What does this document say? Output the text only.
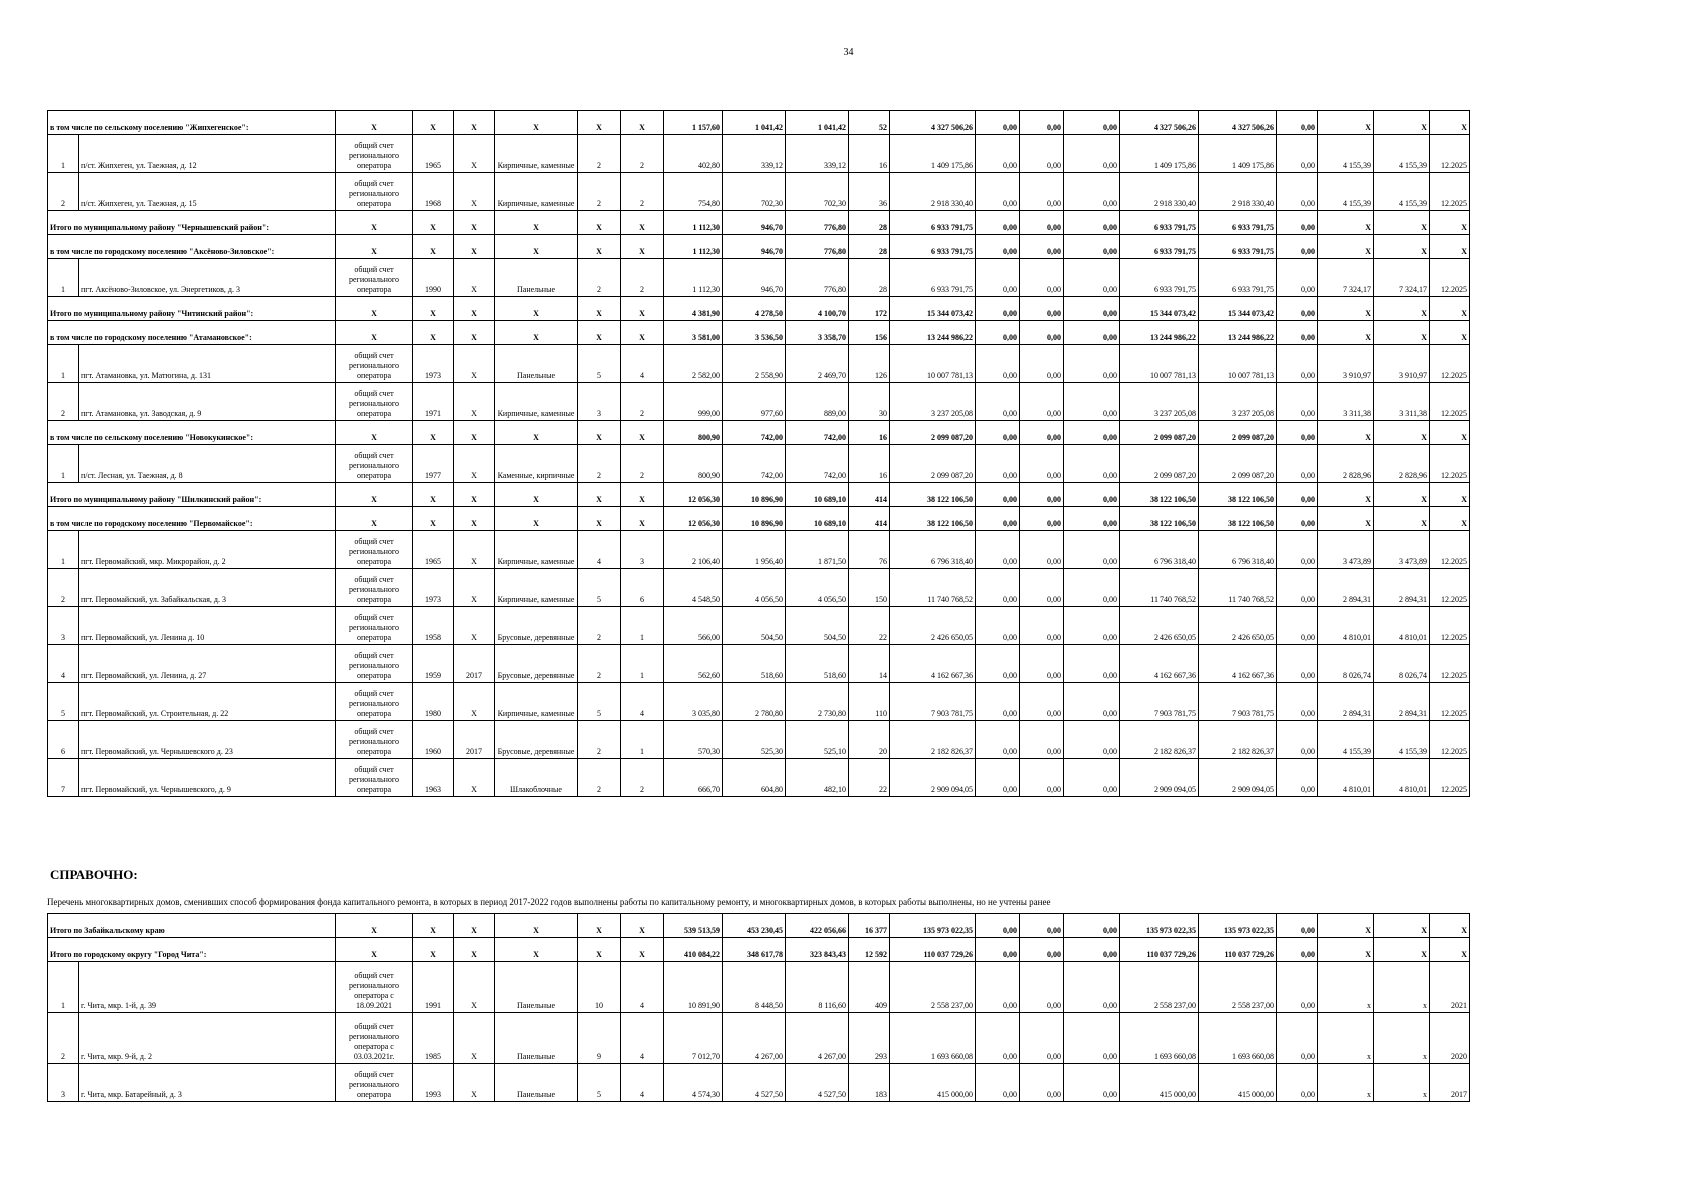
34
в том числе по сельскому поселению "Жипхегенское":		X	X	X	X	X	X	1 157,60	1 041,42	1 041,42	52	4 327 506,26	0,00	0,00	0,00	4 327 506,26	4 327 506,26	0,00	X	X	X
1	п/ст. Жипхеген, ул. Таежная, д. 12	общий счет регионального оператора	1965	X	Кирпичные, каменные	2	2	402,80	339,12	339,12	16	1 409 175,86	0,00	0,00	0,00	1 409 175,86	1 409 175,86	0,00	4 155,39	4 155,39	12.2025
2	п/ст. Жипхеген, ул. Таежная, д. 15	общий счет регионального оператора	1968	X	Кирпичные, каменные	2	2	754,80	702,30	702,30	36	2 918 330,40	0,00	0,00	0,00	2 918 330,40	2 918 330,40	0,00	4 155,39	4 155,39	12.2025
Итого по муниципальному району "Чернышевский район":		X	X	X	X	X	X	1 112,30	946,70	776,80	28	6 933 791,75	0,00	0,00	0,00	6 933 791,75	6 933 791,75	0,00	X	X	X
в том числе по городскому поселению "Аксёново-Зиловское":		X	X	X	X	X	X	1 112,30	946,70	776,80	28	6 933 791,75	0,00	0,00	0,00	6 933 791,75	6 933 791,75	0,00	X	X	X
1	пгт. Аксёново-Зиловское, ул. Энергетиков, д. 3	общий счет регионального оператора	1990	X	Панельные	2	2	1 112,30	946,70	776,80	28	6 933 791,75	0,00	0,00	0,00	6 933 791,75	6 933 791,75	0,00	7 324,17	7 324,17	12.2025
Итого по муниципальному району "Читинский район":		X	X	X	X	X	X	4 381,90	4 278,50	4 100,70	172	15 344 073,42	0,00	0,00	0,00	15 344 073,42	15 344 073,42	0,00	X	X	X
в том числе по городскому поселению "Атамановское":		X	X	X	X	X	X	3 581,00	3 536,50	3 358,70	156	13 244 986,22	0,00	0,00	0,00	13 244 986,22	13 244 986,22	0,00	X	X	X
1	пгт. Атамановка, ул. Матюгина, д. 131	общий счет регионального оператора	1973	X	Панельные	5	4	2 582,00	2 558,90	2 469,70	126	10 007 781,13	0,00	0,00	0,00	10 007 781,13	10 007 781,13	0,00	3 910,97	3 910,97	12.2025
2	пгт. Атамановка, ул. Заводская, д. 9	общий счет регионального оператора	1971	X	Кирпичные, каменные	3	2	999,00	977,60	889,00	30	3 237 205,08	0,00	0,00	0,00	3 237 205,08	3 237 205,08	0,00	3 311,38	3 311,38	12.2025
в том числе по сельскому поселению "Новокукинское":		X	X	X	X	X	X	800,90	742,00	742,00	16	2 099 087,20	0,00	0,00	0,00	2 099 087,20	2 099 087,20	0,00	X	X	X
1	п/ст. Лесная, ул. Таежная, д. 8	общий счет регионального оператора	1977	X	Каменные, кирпичные	2	2	800,90	742,00	742,00	16	2 099 087,20	0,00	0,00	0,00	2 099 087,20	2 099 087,20	0,00	2 828,96	2 828,96	12.2025
Итого по муниципальному району "Шилкинский район":		X	X	X	X	X	X	12 056,30	10 896,90	10 689,10	414	38 122 106,50	0,00	0,00	0,00	38 122 106,50	38 122 106,50	0,00	X	X	X
в том числе по городскому поселению "Первомайское":		X	X	X	X	X	X	12 056,30	10 896,90	10 689,10	414	38 122 106,50	0,00	0,00	0,00	38 122 106,50	38 122 106,50	0,00	X	X	X
1	пгт. Первомайский, мкр. Микрорайон, д. 2	общий счет регионального оператора	1965	X	Кирпичные, каменные	4	3	2 106,40	1 956,40	1 871,50	76	6 796 318,40	0,00	0,00	0,00	6 796 318,40	6 796 318,40	0,00	3 473,89	3 473,89	12.2025
2	пгт. Первомайский, ул. Забайкальская, д. 3	общий счет регионального оператора	1973	X	Кирпичные, каменные	5	6	4 548,50	4 056,50	4 056,50	150	11 740 768,52	0,00	0,00	0,00	11 740 768,52	11 740 768,52	0,00	2 894,31	2 894,31	12.2025
3	пгт. Первомайский, ул. Ленина д. 10	общий счет регионального оператора	1958	X	Брусовые, деревянные	2	1	566,00	504,50	504,50	22	2 426 650,05	0,00	0,00	0,00	2 426 650,05	2 426 650,05	0,00	4 810,01	4 810,01	12.2025
4	пгт. Первомайский, ул. Ленина, д. 27	общий счет регионального оператора	1959	2017	Брусовые, деревянные	2	1	562,60	518,60	518,60	14	4 162 667,36	0,00	0,00	0,00	4 162 667,36	4 162 667,36	0,00	8 026,74	8 026,74	12.2025
5	пгт. Первомайский, ул. Строительная, д. 22	общий счет регионального оператора	1980	X	Кирпичные, каменные	5	4	3 035,80	2 780,80	2 730,80	110	7 903 781,75	0,00	0,00	0,00	7 903 781,75	7 903 781,75	0,00	2 894,31	2 894,31	12.2025
6	пгт. Первомайский, ул. Чернышевского д. 23	общий счет регионального оператора	1960	2017	Брусовые, деревянные	2	1	570,30	525,30	525,10	20	2 182 826,37	0,00	0,00	0,00	2 182 826,37	2 182 826,37	0,00	4 155,39	4 155,39	12.2025
7	пгт. Первомайский, ул. Чернышевского, д. 9	общий счет регионального оператора	1963	X	Шлакоблочные	2	2	666,70	604,80	482,10	22	2 909 094,05	0,00	0,00	0,00	2 909 094,05	2 909 094,05	0,00	4 810,01	4 810,01	12.2025
СПРАВОЧНО:
Перечень многоквартирных домов, сменивших способ формирования фонда капитального ремонта, в которых в период 2017-2022 годов выполнены работы по капитальному ремонту, и многоквартирных домов, в которых работы выполнены, но не учтены ранее
Итого по Забайкальскому краю		X	X	X	X	X	X	539 513,59	453 230,45	422 056,66	16 377	135 973 022,35	0,00	0,00	0,00	135 973 022,35	135 973 022,35	0,00	X	X	X
Итого по городскому округу "Город Чита":		X	X	X	X	X	X	410 084,22	348 617,78	323 843,43	12 592	110 037 729,26	0,00	0,00	0,00	110 037 729,26	110 037 729,26	0,00	X	X	X
1	г. Чита, мкр. 1-й, д. 39	общий счет регионального оператора с 18.09.2021	1991	X	Панельные	10	4	10 891,90	8 448,50	8 116,60	409	2 558 237,00	0,00	0,00	0,00	2 558 237,00	2 558 237,00	0,00	x	x	2021
2	г. Чита, мкр. 9-й, д. 2	общий счет регионального оператора с 03.03.2021г.	1985	X	Панельные	9	4	7 012,70	4 267,00	4 267,00	293	1 693 660,08	0,00	0,00	0,00	1 693 660,08	1 693 660,08	0,00	x	x	2020
3	г. Чита, мкр. Батарейный, д. 3	общий счет регионального оператора	1993	X	Панельные	5	4	4 574,30	4 527,50	4 527,50	183	415 000,00	0,00	0,00	0,00	415 000,00	415 000,00	0,00	x	x	2017
